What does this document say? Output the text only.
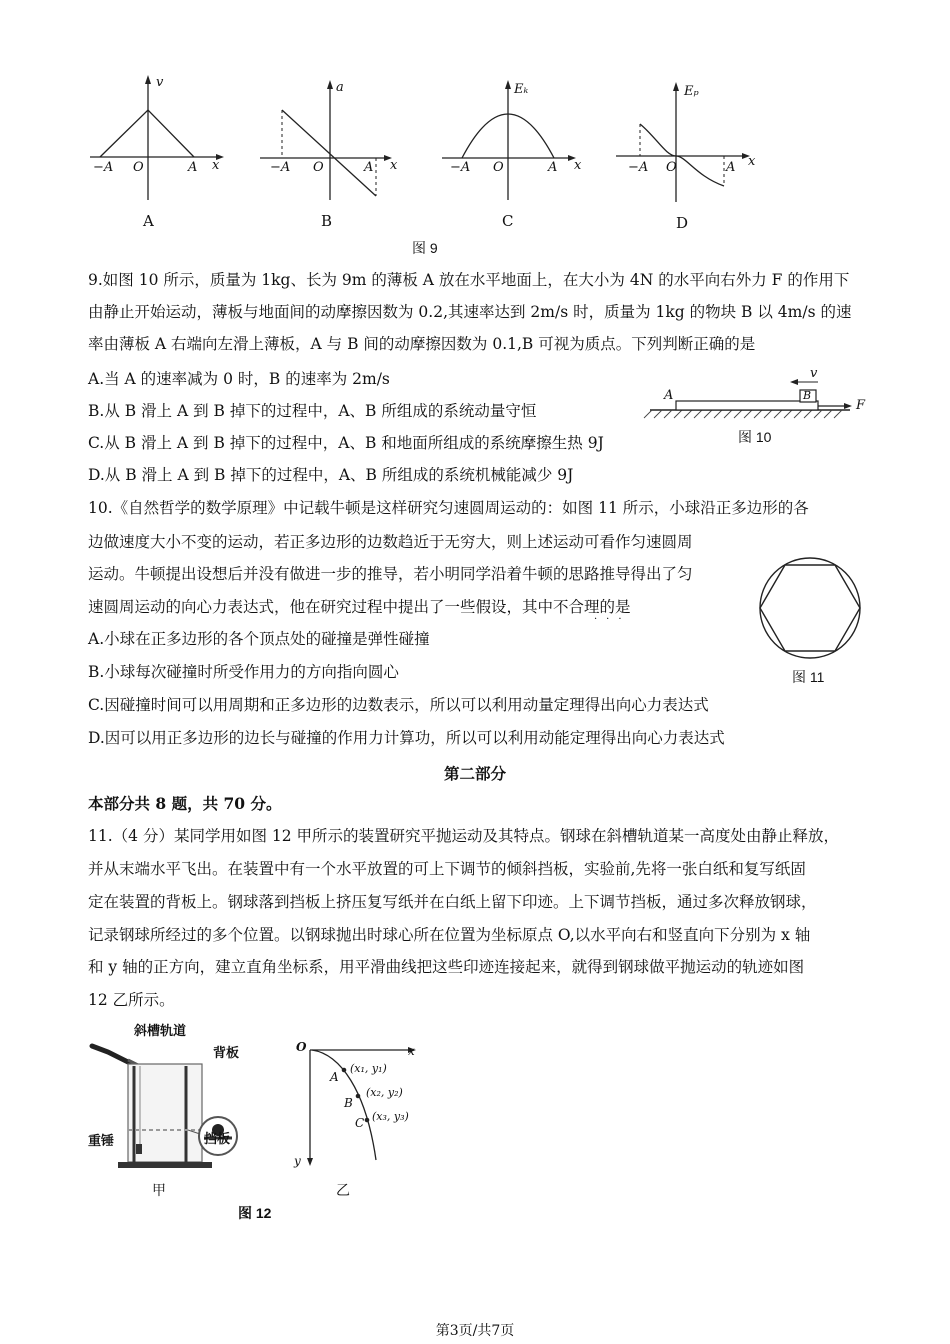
v
−A O	A x
A
a
−A O	A x
B
Eₖ
−A O	A x
C
Eₚ
−A O	A x
D
图 9
9.如图 10 所示，质量为 1kg、长为 9m 的薄板 A 放在水平地面上，在大小为 4N 的水平向右外力 F 的作用下
由静止开始运动，薄板与地面间的动摩擦因数为 0.2,其速率达到 2m/s 时，质量为 1kg 的物块 B 以 4m/s 的速
率由薄板 A 右端向左滑上薄板，A 与 B 间的动摩擦因数为 0.1,B 可视为质点。下列判断正确的是
A.当 A 的速率减为 0 时，B 的速率为 2m/s
B.从 B 滑上 A 到 B 掉下的过程中，A、B 所组成的系统动量守恒
C.从 B 滑上 A 到 B 掉下的过程中，A、B 和地面所组成的系统摩擦生热 9J
D.从 B 滑上 A 到 B 掉下的过程中，A、B 所组成的系统机械能减少 9J
A	B
v
F
图 10
10.《自然哲学的数学原理》中记载牛顿是这样研究匀速圆周运动的：如图 11 所示，小球沿正多边形的各
边做速度大小不变的运动，若正多边形的边数趋近于无穷大，则上述运动可看作匀速圆周
运动。牛顿提出设想后并没有做进一步的推导，若小明同学沿着牛顿的思路推导得出了匀
速圆周运动的向心力表达式，他在研究过程中提出了一些假设，其中不合理的是
···
A.小球在正多边形的各个顶点处的碰撞是弹性碰撞
B.小球每次碰撞时所受作用力的方向指向圆心
C.因碰撞时间可以用周期和正多边形的边数表示，所以可以利用动量定理得出向心力表达式
D.因可以用正多边形的边长与碰撞的作用力计算功，所以可以利用动能定理得出向心力表达式
图 11
第二部分
本部分共 8 题，共 70 分。
11.（4 分）某同学用如图 12 甲所示的装置研究平抛运动及其特点。钢球在斜槽轨道某一高度处由静止释放，
并从末端水平飞出。在装置中有一个水平放置的可上下调节的倾斜挡板，实验前,先将一张白纸和复写纸固
定在装置的背板上。钢球落到挡板上挤压复写纸并在白纸上留下印迹。上下调节挡板，通过多次释放钢球，
记录钢球所经过的多个位置。以钢球抛出时球心所在位置为坐标原点 O,以水平向右和竖直向下分别为 x 轴
和 y 轴的正方向，建立直角坐标系，用平滑曲线把这些印迹连接起来，就得到钢球做平抛运动的轨迹如图
12 乙所示。
斜槽轨道
背板
重锤	挡板
甲
图 12
O	x
y
A
B
C
(x₁, y₁)
(x₂, y₂)
(x₃, y₃)
乙
第3页/共7页
